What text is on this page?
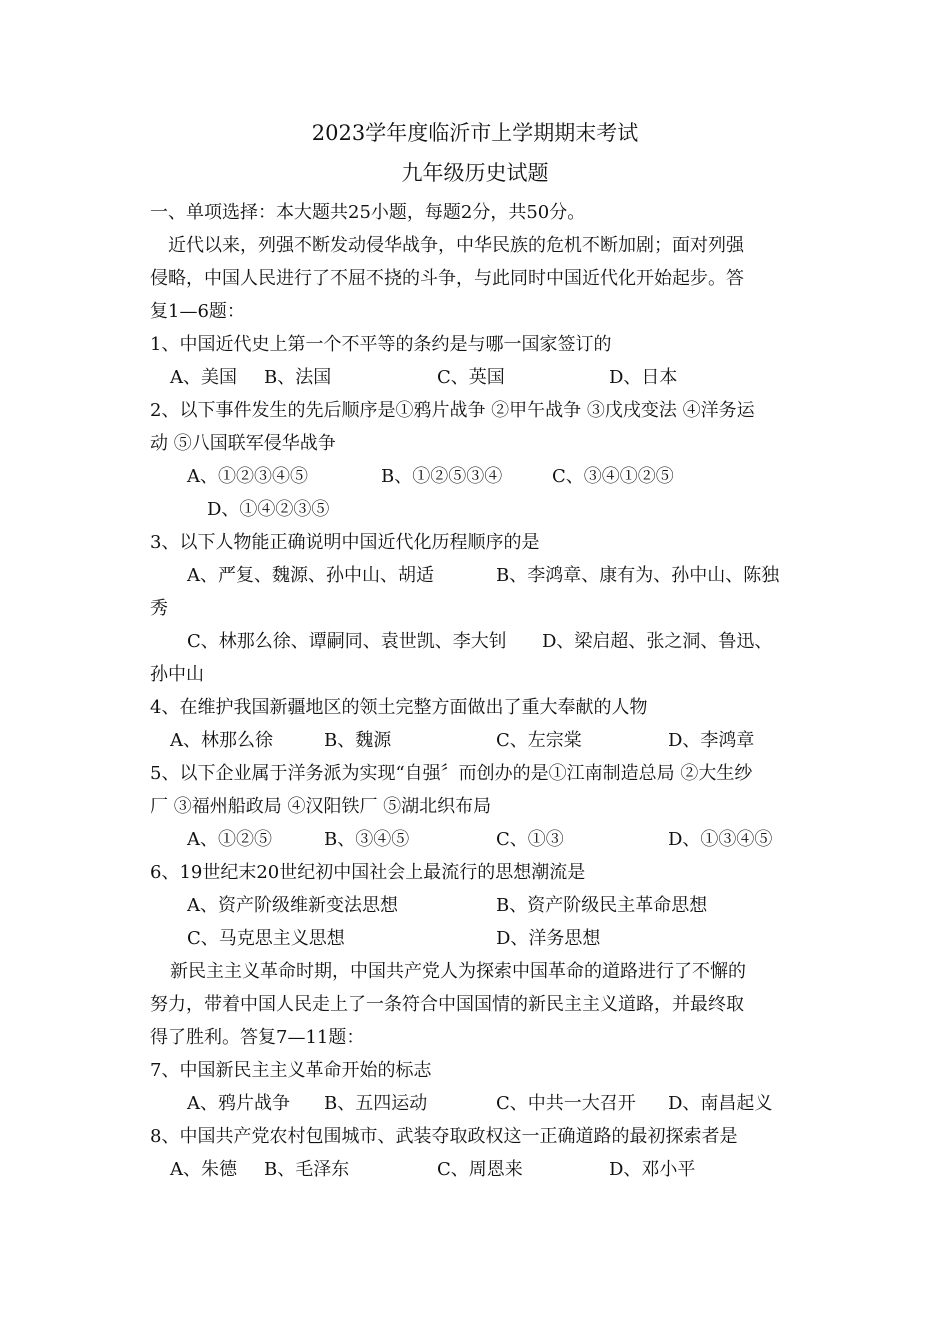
2023学年度临沂市上学期期末考试
九年级历史试题
一、单项选择：本大题共25小题，每题2分，共50分。
近代以来，列强不断发动侵华战争，中华民族的危机不断加剧；面对列强
侵略，中国人民进行了不屈不挠的斗争，与此同时中国近代化开始起步。答
复1—6题：
1、中国近代史上第一个不平等的条约是与哪一国家签订的
A、美国 B、法国	C、英国	D、日本
2、以下事件发生的先后顺序是①鸦片战争 ②甲午战争 ③戊戌变法 ④洋务运
动 ⑤八国联军侵华战争
A、①②③④⑤	B、①②⑤③④	C、③④①②⑤
D、①④②③⑤
3、以下人物能正确说明中国近代化历程顺序的是
A、严复、魏源、孙中山、胡适	B、李鸿章、康有为、孙中山、陈独
秀
C、林那么徐、谭嗣同、袁世凯、李大钊 D、梁启超、张之洞、鲁迅、
孙中山
4、在维护我国新疆地区的领土完整方面做出了重大奉献的人物
A、林那么徐	B、魏源	C、左宗棠	D、李鸿章
5、以下企业属于洋务派为实现“自强〞而创办的是①江南制造总局 ②大生纱
厂 ③福州船政局 ④汉阳铁厂 ⑤湖北织布局
A、①②⑤	B、③④⑤	C、①③	D、①③④⑤
6、19世纪末20世纪初中国社会上最流行的思想潮流是
A、资产阶级维新变法思想	B、资产阶级民主革命思想
C、马克思主义思想	D、洋务思想
新民主主义革命时期，中国共产党人为探索中国革命的道路进行了不懈的
努力，带着中国人民走上了一条符合中国国情的新民主主义道路，并最终取
得了胜利。答复7—11题：
7、中国新民主主义革命开始的标志
A、鸦片战争 B、五四运动	C、中共一大召开 D、南昌起义
8、中国共产党农村包围城市、武装夺取政权这一正确道路的最初探索者是
A、朱德 B、毛泽东	C、周恩来	D、邓小平
